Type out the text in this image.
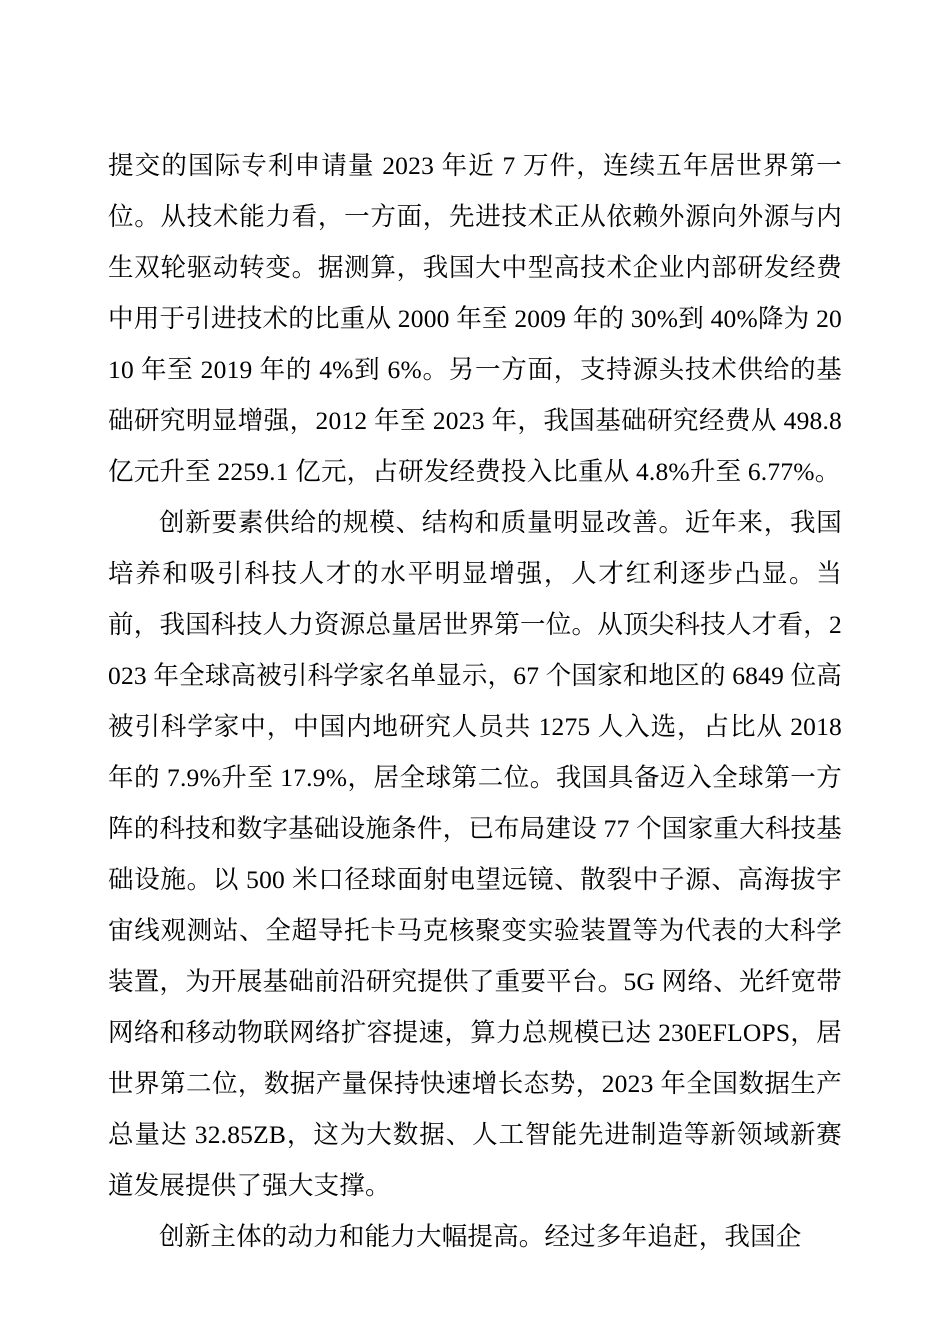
提交的国际专利申请量 2023 年近 7 万件，连续五年居世界第一位。从技术能力看，一方面，先进技术正从依赖外源向外源与内生双轮驱动转变。据测算，我国大中型高技术企业内部研发经费中用于引进技术的比重从 2000 年至 2009 年的 30%到 40%降为 2010 年至 2019 年的 4%到 6%。另一方面，支持源头技术供给的基础研究明显增强，2012 年至 2023 年，我国基础研究经费从 498.8 亿元升至 2259.1 亿元，占研发经费投入比重从 4.8%升至 6.77%。

创新要素供给的规模、结构和质量明显改善。近年来，我国培养和吸引科技人才的水平明显增强，人才红利逐步凸显。当前，我国科技人力资源总量居世界第一位。从顶尖科技人才看，2023 年全球高被引科学家名单显示，67 个国家和地区的 6849 位高被引科学家中，中国内地研究人员共 1275 人入选，占比从 2018 年的 7.9%升至 17.9%，居全球第二位。我国具备迈入全球第一方阵的科技和数字基础设施条件，已布局建设 77 个国家重大科技基础设施。以 500 米口径球面射电望远镜、散裂中子源、高海拔宇宙线观测站、全超导托卡马克核聚变实验装置等为代表的大科学装置，为开展基础前沿研究提供了重要平台。5G 网络、光纤宽带网络和移动物联网络扩容提速，算力总规模已达 230EFLOPS，居世界第二位，数据产量保持快速增长态势，2023 年全国数据生产总量达 32.85ZB，这为大数据、人工智能先进制造等新领域新赛道发展提供了强大支撑。

创新主体的动力和能力大幅提高。经过多年追赶，我国企
